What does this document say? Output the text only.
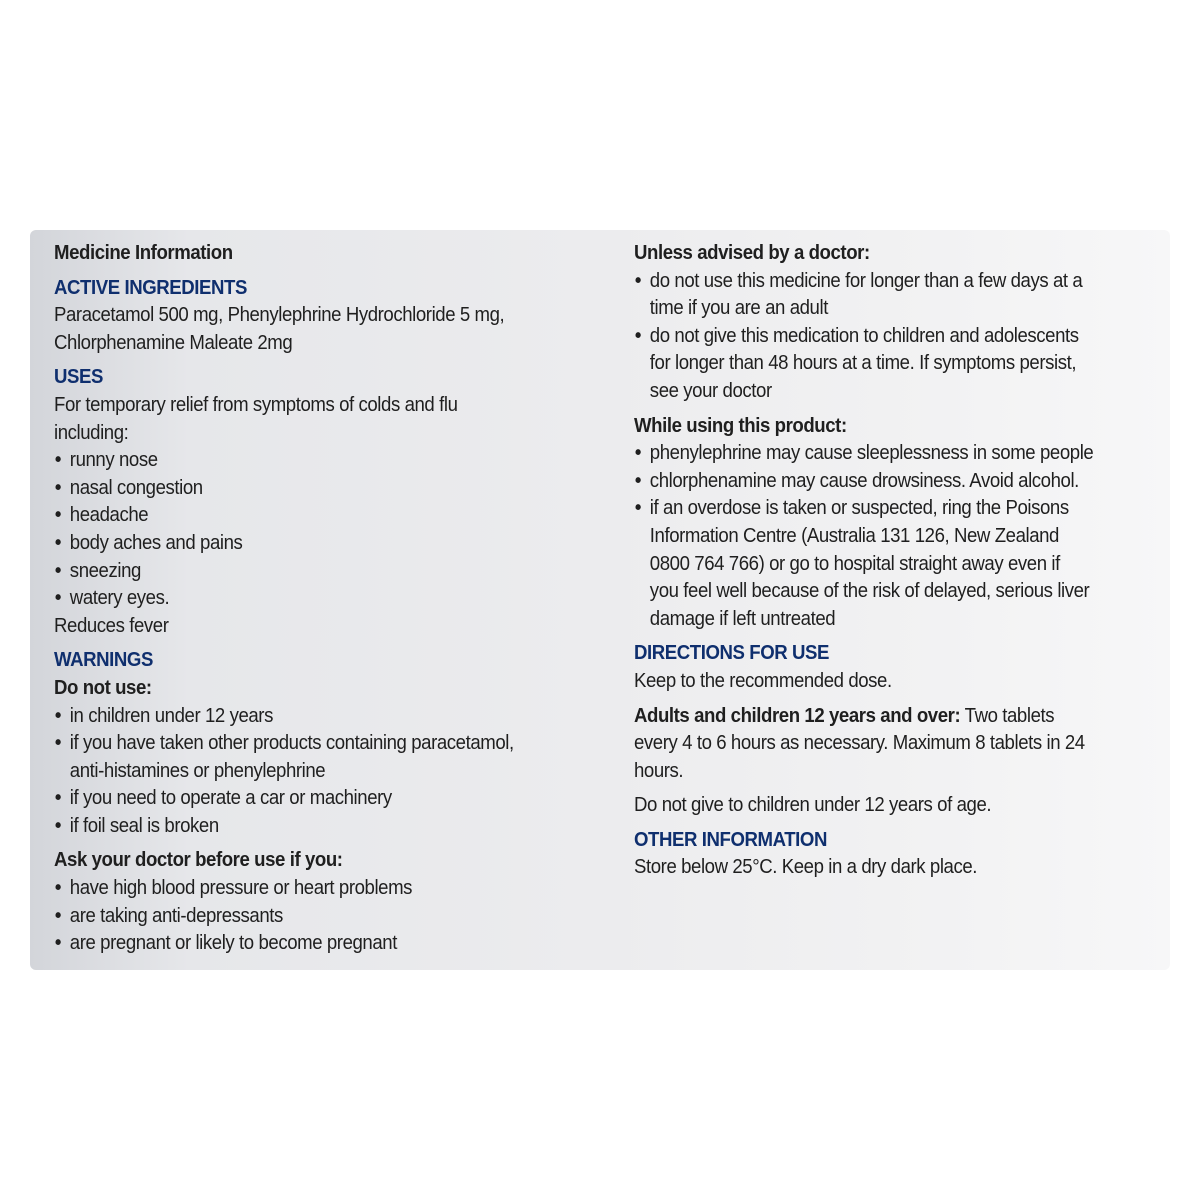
Medicine Information
ACTIVE INGREDIENTS

Paracetamol 500 mg, Phenylephrine Hydrochloride 5 mg,

Chlorphenamine Maleate 2mg

USES

For temporary relief from symptoms of colds and flu

including:

• runny nose
• nasal congestion
• headache
• body aches and pains
• sneezing
• watery eyes.

Reduces fever

WARNINGS
Do not use:
• in children under 12 years
• if you have taken other products containing paracetamol,
anti-histamines or phenylephrine
• if you need to operate a car or machinery
• if foil seal is broken
Ask your doctor before use if you:
• have high blood pressure or heart problems
• are taking anti-depressants
• are pregnant or likely to become pregnant
Unless advised by a doctor:
• do not use this medicine for longer than a few days at a
time if you are an adult
• do not give this medication to children and adolescents
for longer than 48 hours at a time. If symptoms persist,
see your doctor
While using this product:
• phenylephrine may cause sleeplessness in some people
• chlorphenamine may cause drowsiness. Avoid alcohol.
• if an overdose is taken or suspected, ring the Poisons
Information Centre (Australia 131 126, New Zealand
0800 764 766) or go to hospital straight away even if
you feel well because of the risk of delayed, serious liver
damage if left untreated
DIRECTIONS FOR USE

Keep to the recommended dose.

Adults and children 12 years and over: Two tablets
every 4 to 6 hours as necessary. Maximum 8 tablets in 24
hours.

Do not give to children under 12 years of age.

OTHER INFORMATION

Store below 25°C. Keep in a dry dark place.
